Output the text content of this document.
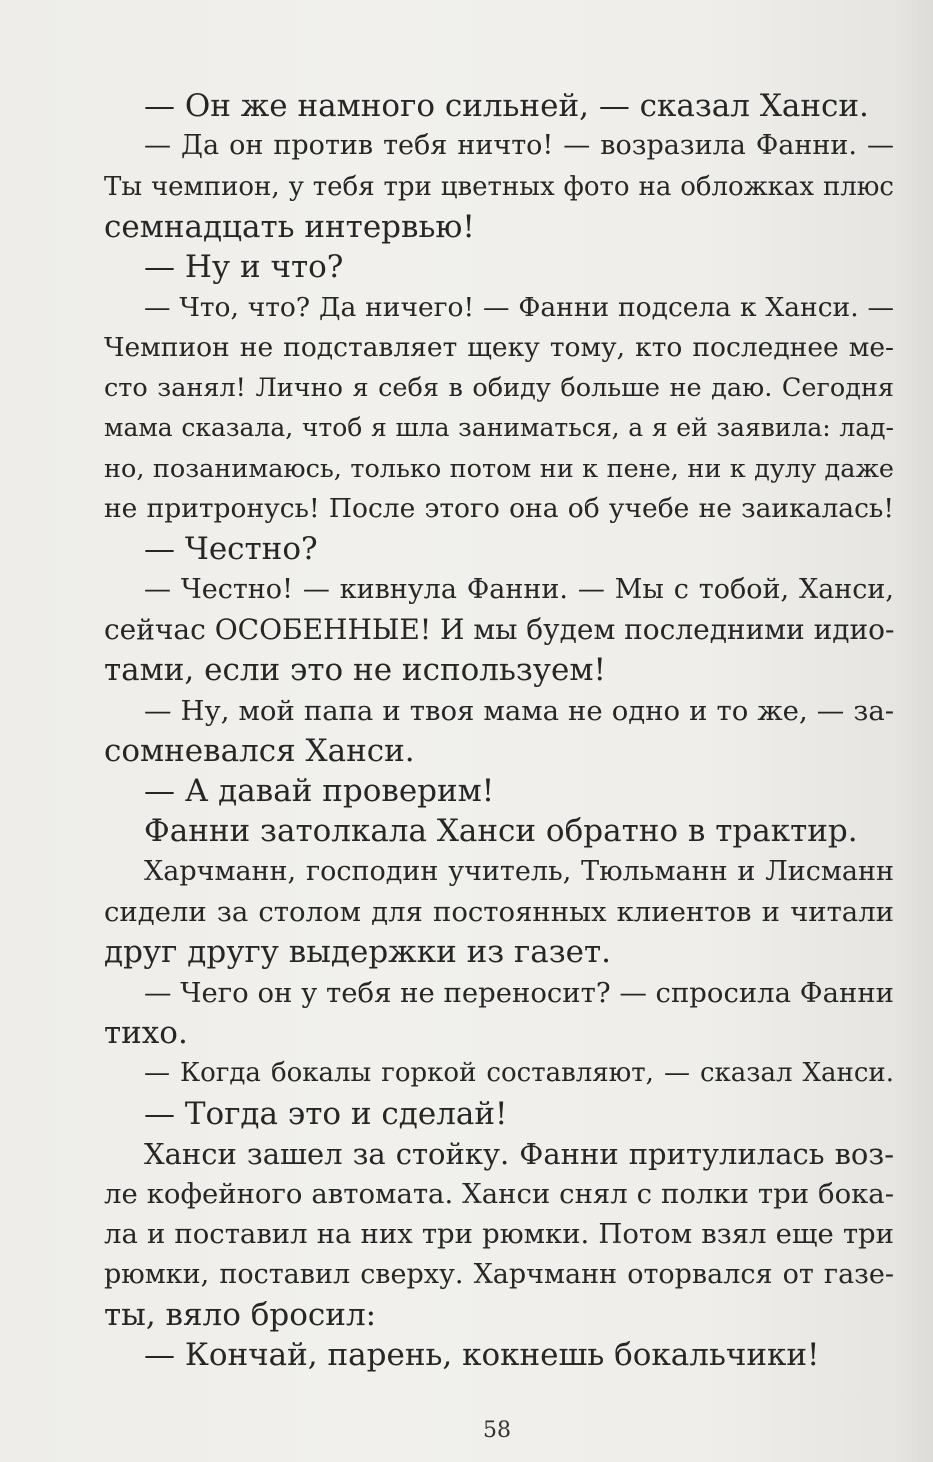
— Он же намного сильней, — сказал Ханси.
— Да он против тебя ничто! — возразила Фанни. —
Ты чемпион, у тебя три цветных фото на обложках плюс
семнадцать интервью!
— Ну и что?
— Что, что? Да ничего! — Фанни подсела к Ханси. —
Чемпион не подставляет щеку тому, кто последнее ме-
сто занял! Лично я себя в обиду больше не даю. Сегодня
мама сказала, чтоб я шла заниматься, а я ей заявила: лад-
но, позанимаюсь, только потом ни к пене, ни к дулу даже
не притронусь! После этого она об учебе не заикалась!
— Честно?
— Честно! — кивнула Фанни. — Мы с тобой, Ханси,
сейчас ОСОБЕННЫЕ! И мы будем последними идио-
тами, если это не используем!
— Ну, мой папа и твоя мама не одно и то же, — за-
сомневался Ханси.
— А давай проверим!
Фанни затолкала Ханси обратно в трактир.
Харчманн, господин учитель, Тюльманн и Лисманн
сидели за столом для постоянных клиентов и читали
друг другу выдержки из газет.
— Чего он у тебя не переносит? — спросила Фанни
тихо.
— Когда бокалы горкой составляют, — сказал Ханси.
— Тогда это и сделай!
Ханси зашел за стойку. Фанни притулилась воз-
ле кофейного автомата. Ханси снял с полки три бока-
ла и поставил на них три рюмки. Потом взял еще три
рюмки, поставил сверху. Харчманн оторвался от газе-
ты, вяло бросил:
— Кончай, парень, кокнешь бокальчики!
58
